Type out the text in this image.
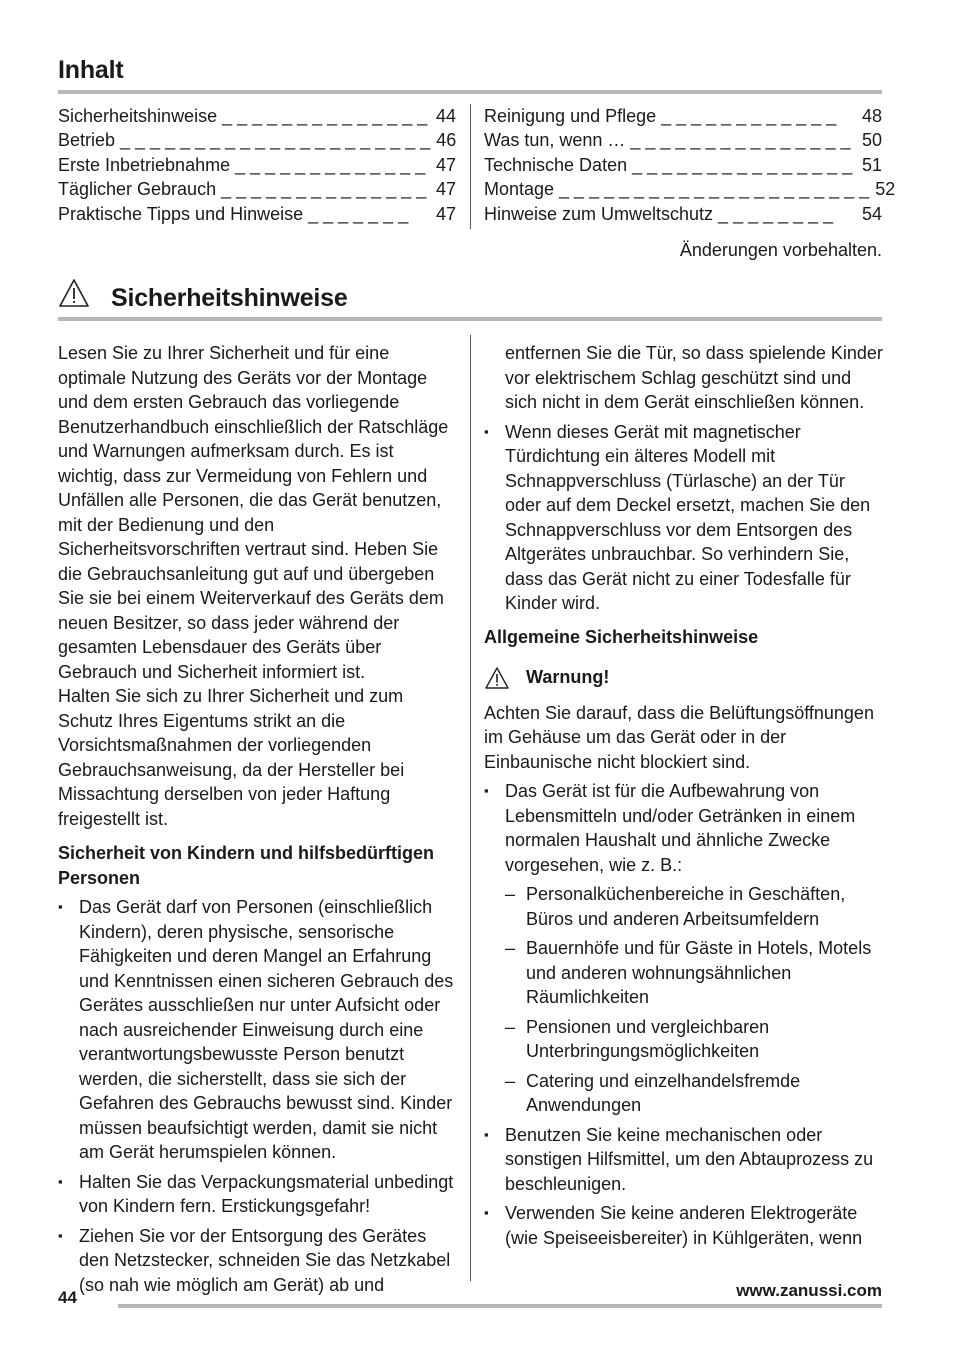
Inhalt
Sicherheitshinweise _ _ _ _ _ _ _ _ _ _ _ _ _ _ 44
Betrieb _ _ _ _ _ _ _ _ _ _ _ _ _ _ _ _ _ _ _ _ _ 46
Erste Inbetriebnahme _ _ _ _ _ _ _ _ _ _ _ _ _ 47
Täglicher Gebrauch _ _ _ _ _ _ _ _ _ _ _ _ _ _ 47
Praktische Tipps und Hinweise _ _ _ _ _ _ _	47
Reinigung und Pflege _ _ _ _ _ _ _ _ _ _ _ _	48
Was tun, wenn … _ _ _ _ _ _ _ _ _ _ _ _ _ _ _ 50
Technische Daten _ _ _ _ _ _ _ _ _ _ _ _ _ _ _ 51
Montage _ _ _ _ _ _ _ _ _ _ _ _ _ _ _ _ _ _ _ _ _ 52
Hinweise zum Umweltschutz _ _ _ _ _ _ _ _	54
Änderungen vorbehalten.
Sicherheitshinweise

Lesen Sie zu Ihrer Sicherheit und für eine optimale Nutzung des Geräts vor der Montage und dem ersten Gebrauch das vorliegende Benutzerhandbuch einschließlich der Ratschläge und Warnungen aufmerksam durch. Es ist wichtig, dass zur Vermeidung von Fehlern und Unfällen alle Personen, die das Gerät benutzen, mit der Bedienung und den Sicherheitsvorschriften vertraut sind. Heben Sie die Gebrauchsanleitung gut auf und übergeben Sie sie bei einem Weiterverkauf des Geräts dem neuen Besitzer, so dass jeder während der gesamten Lebensdauer des Geräts über Gebrauch und Sicherheit informiert ist.

Halten Sie sich zu Ihrer Sicherheit und zum Schutz Ihres Eigentums strikt an die Vorsichtsmaßnahmen der vorliegenden Gebrauchsanweisung, da der Hersteller bei Missachtung derselben von jeder Haftung freigestellt ist.

Sicherheit von Kindern und hilfsbedürftigen Personen

▪ Das Gerät darf von Personen (einschließlich Kindern), deren physische, sensorische Fähigkeiten und deren Mangel an Erfahrung und Kenntnissen einen sicheren Gebrauch des Gerätes ausschließen nur unter Aufsicht oder nach ausreichender Einweisung durch eine verantwortungsbewusste Person benutzt werden, die sicherstellt, dass sie sich der Gefahren des Gebrauchs bewusst sind. Kinder müssen beaufsichtigt werden, damit sie nicht am Gerät herumspielen können.
▪ Halten Sie das Verpackungsmaterial unbedingt von Kindern fern. Erstickungsgefahr!
▪ Ziehen Sie vor der Entsorgung des Gerätes den Netzstecker, schneiden Sie das Netzkabel (so nah wie möglich am Gerät) ab und

entfernen Sie die Tür, so dass spielende Kinder vor elektrischem Schlag geschützt sind und sich nicht in dem Gerät einschließen können.

▪ Wenn dieses Gerät mit magnetischer Türdichtung ein älteres Modell mit Schnappverschluss (Türlasche) an der Tür oder auf dem Deckel ersetzt, machen Sie den Schnappverschluss vor dem Entsorgen des Altgerätes unbrauchbar. So verhindern Sie, dass das Gerät nicht zu einer Todesfalle für Kinder wird.

Allgemeine Sicherheitshinweise

Warnung!

Achten Sie darauf, dass die Belüftungsöffnungen im Gehäuse um das Gerät oder in der Einbaunische nicht blockiert sind.

▪ Das Gerät ist für die Aufbewahrung von Lebensmitteln und/oder Getränken in einem normalen Haushalt und ähnliche Zwecke vorgesehen, wie z. B.:
– Personalküchenbereiche in Geschäften, Büros und anderen Arbeitsumfeldern
– Bauernhöfe und für Gäste in Hotels, Motels und anderen wohnungsähnlichen Räumlichkeiten
– Pensionen und vergleichbaren Unterbringungsmöglichkeiten
– Catering und einzelhandelsfremde Anwendungen
▪ Benutzen Sie keine mechanischen oder sonstigen Hilfsmittel, um den Abtauprozess zu beschleunigen.
▪ Verwenden Sie keine anderen Elektrogeräte (wie Speiseeisbereiter) in Kühlgeräten, wenn
44	www.zanussi.com
